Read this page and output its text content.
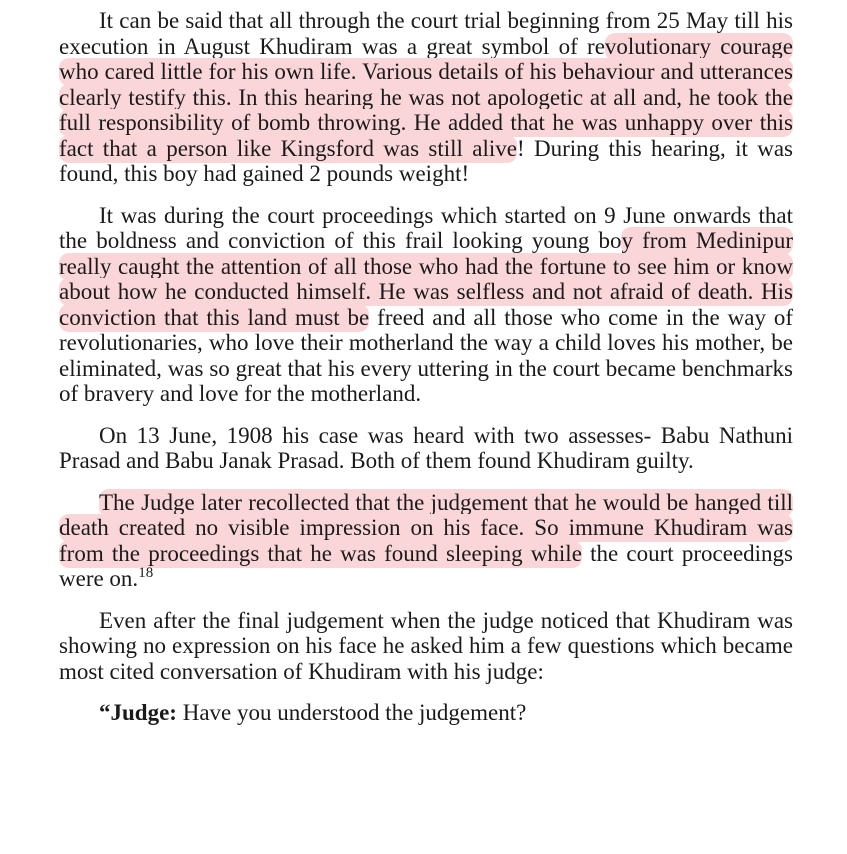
It can be said that all through the court trial beginning from 25 May till his execution in August Khudiram was a great symbol of revolutionary courage who cared little for his own life. Various details of his behaviour and utterances clearly testify this. In this hearing he was not apologetic at all and, he took the full responsibility of bomb throwing. He added that he was unhappy over this fact that a person like Kingsford was still alive! During this hearing, it was found, this boy had gained 2 pounds weight!

It was during the court proceedings which started on 9 June onwards that the boldness and conviction of this frail looking young boy from Medinipur really caught the attention of all those who had the fortune to see him or know about how he conducted himself. He was selfless and not afraid of death. His conviction that this land must be freed and all those who come in the way of revolutionaries, who love their motherland the way a child loves his mother, be eliminated, was so great that his every uttering in the court became benchmarks of bravery and love for the motherland.

On 13 June, 1908 his case was heard with two assesses- Babu Nathuni Prasad and Babu Janak Prasad. Both of them found Khudiram guilty.

The Judge later recollected that the judgement that he would be hanged till death created no visible impression on his face. So immune Khudiram was from the proceedings that he was found sleeping while the court proceedings were on.$^{18}$

Even after the final judgement when the judge noticed that Khudiram was showing no expression on his face he asked him a few questions which became most cited conversation of Khudiram with his judge:

“Judge: Have you understood the judgement?
